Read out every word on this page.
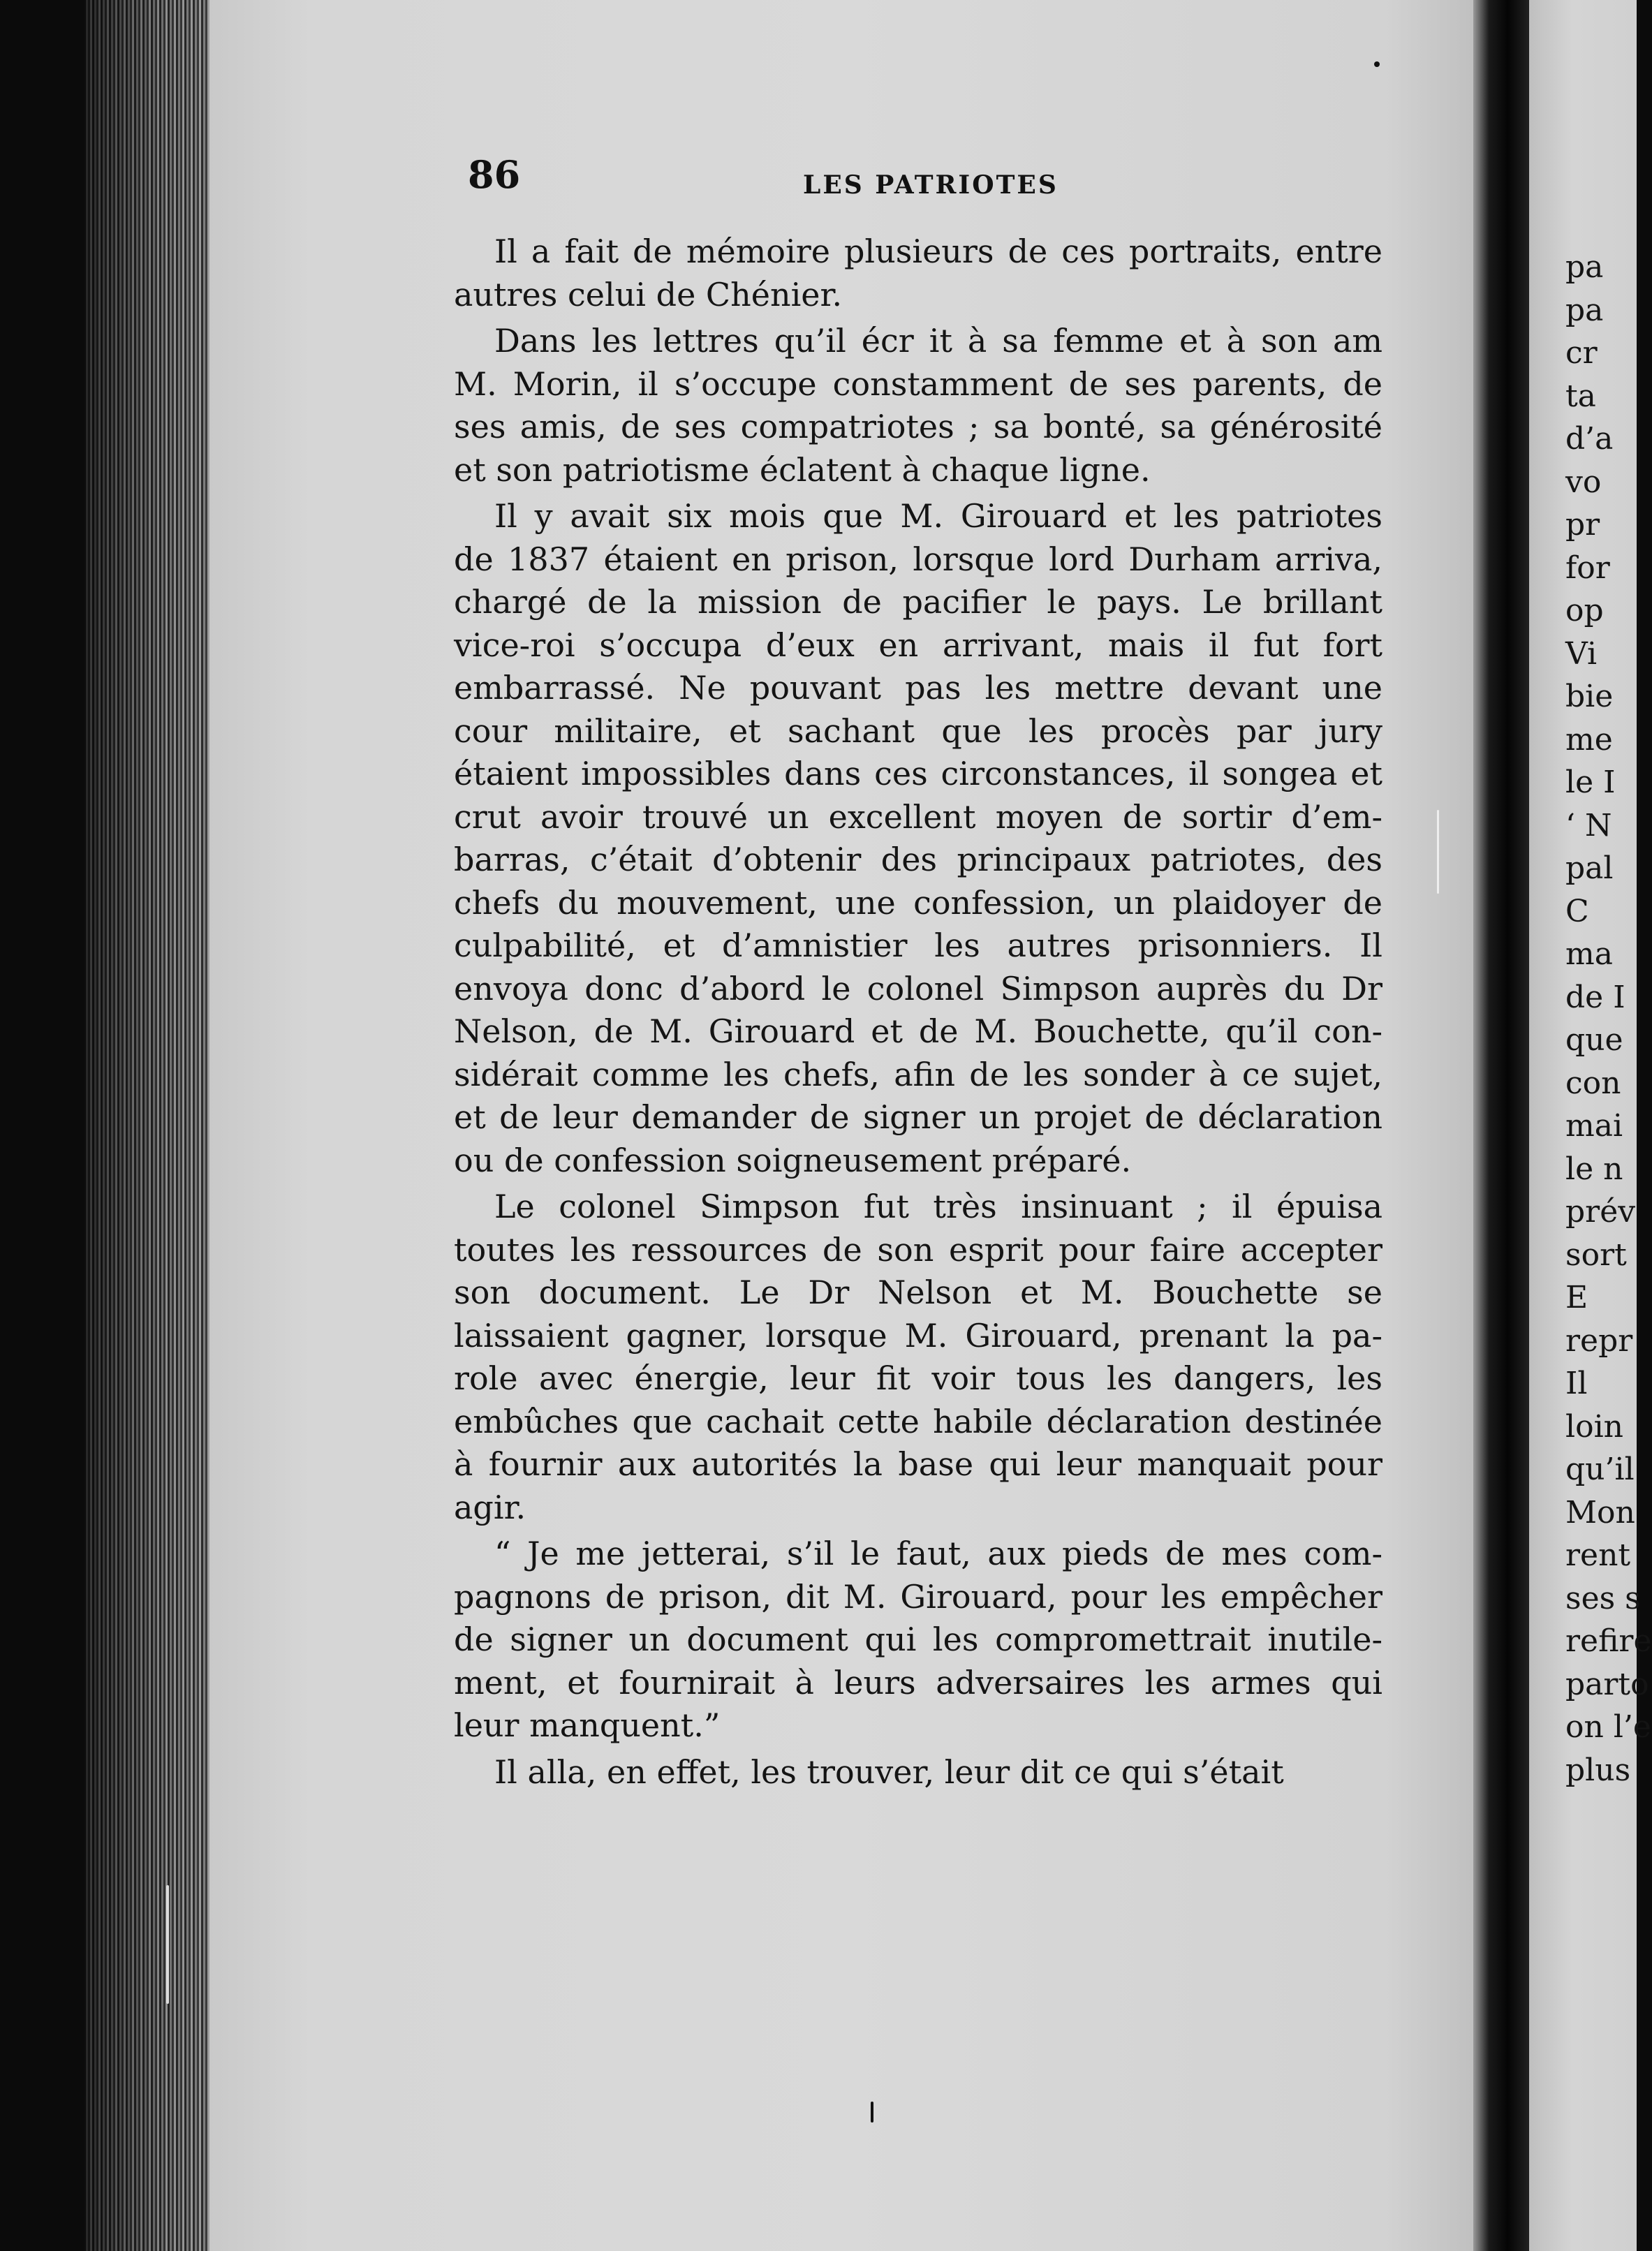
pa
pa
cr
ta
d’a
vo
pr
for
op
Vi
bie
me
le I
‘ N
pal
C
ma
de I
que
con
mai
le n
prév
sort
E
repr
Il
loin
qu’il
Mon
rent
ses s
refire
parto
on l’e
plus
86	LES PATRIOTES
Il a fait de mémoire plusieurs de ces portraits, entre
autres celui de Chénier.
Dans les lettres qu’il écr it à sa femme et à son am
M. Morin, il s’occupe constamment de ses parents, de
ses amis, de ses compatriotes ; sa bonté, sa générosité
et son patriotisme éclatent à chaque ligne.
Il y avait six mois que M. Girouard et les patriotes
de 1837 étaient en prison, lorsque lord Durham arriva,
chargé de la mission de pacifier le pays. Le brillant
vice-roi s’occupa d’eux en arrivant, mais il fut fort
embarrassé. Ne pouvant pas les mettre devant une
cour militaire, et sachant que les procès par jury
étaient impossibles dans ces circonstances, il songea et
crut avoir trouvé un excellent moyen de sortir d’em-
barras, c’était d’obtenir des principaux patriotes, des
chefs du mouvement, une confession, un plaidoyer de
culpabilité, et d’amnistier les autres prisonniers. Il
envoya donc d’abord le colonel Simpson auprès du Dr
Nelson, de M. Girouard et de M. Bouchette, qu’il con-
sidérait comme les chefs, afin de les sonder à ce sujet,
et de leur demander de signer un projet de déclaration
ou de confession soigneusement préparé.
Le colonel Simpson fut très insinuant ; il épuisa
toutes les ressources de son esprit pour faire accepter
son document. Le Dr Nelson et M. Bouchette se
laissaient gagner, lorsque M. Girouard, prenant la pa-
role avec énergie, leur fit voir tous les dangers, les
embûches que cachait cette habile déclaration destinée
à fournir aux autorités la base qui leur manquait pour
agir.
“ Je me jetterai, s’il le faut, aux pieds de mes com-
pagnons de prison, dit M. Girouard, pour les empêcher
de signer un document qui les compromettrait inutile-
ment, et fournirait à leurs adversaires les armes qui
leur manquent.”
Il alla, en effet, les trouver, leur dit ce qui s’était
